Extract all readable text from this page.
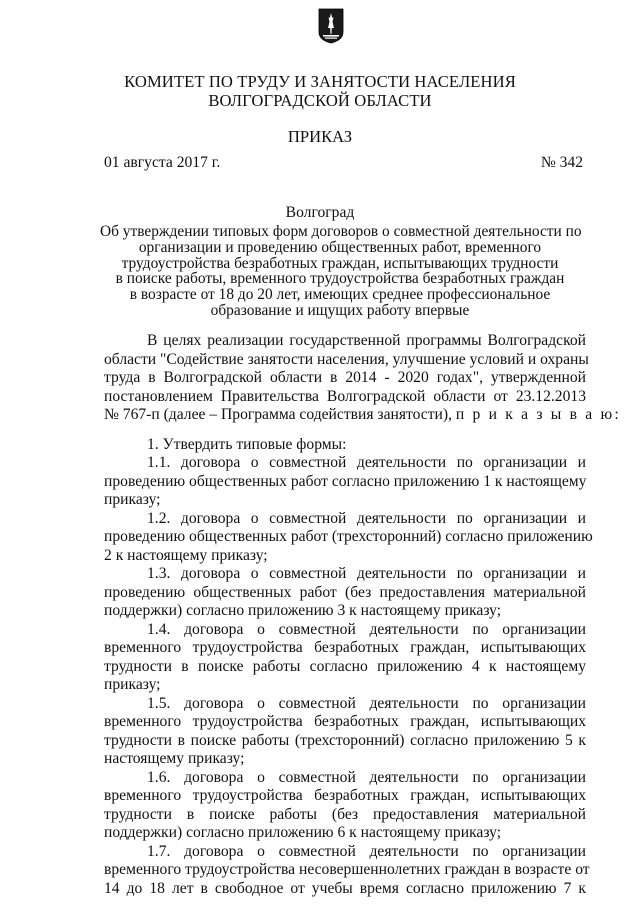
КОМИТЕТ ПО ТРУДУ И ЗАНЯТОСТИ НАСЕЛЕНИЯ
ВОЛГОГРАДСКОЙ ОБЛАСТИ
ПРИКАЗ
01 августа 2017 г.	№ 342
Волгоград
Об утверждении типовых форм договоров о совместной деятельности по
организации и проведению общественных работ, временного
трудоустройства безработных граждан, испытывающих трудности
в поиске работы, временного трудоустройства безработных граждан
в возрасте от 18 до 20 лет, имеющих среднее профессиональное
образование и ищущих работу впервые
В целях реализации государственной программы Волгоградской
области "Содействие занятости населения, улучшение условий и охраны
труда в Волгоградской области в 2014 - 2020 годах", утвержденной
постановлением Правительства Волгоградской области от 23.12.2013
№ 767-п (далее – Программа содействия занятости), п р и к а з ы в а ю:
1. Утвердить типовые формы:
1.1. договора о совместной деятельности по организации и
проведению общественных работ согласно приложению 1 к настоящему
приказу;
1.2. договора о совместной деятельности по организации и
проведению общественных работ (трехсторонний) согласно приложению
2 к настоящему приказу;
1.3. договора о совместной деятельности по организации и
проведению общественных работ (без предоставления материальной
поддержки) согласно приложению 3 к настоящему приказу;
1.4. договора о совместной деятельности по организации
временного трудоустройства безработных граждан, испытывающих
трудности в поиске работы согласно приложению 4 к настоящему
приказу;
1.5. договора о совместной деятельности по организации
временного трудоустройства безработных граждан, испытывающих
трудности в поиске работы (трехсторонний) согласно приложению 5 к
настоящему приказу;
1.6. договора о совместной деятельности по организации
временного трудоустройства безработных граждан, испытывающих
трудности в поиске работы (без предоставления материальной
поддержки) согласно приложению 6 к настоящему приказу;
1.7. договора о совместной деятельности по организации
временного трудоустройства несовершеннолетних граждан в возрасте от
14 до 18 лет в свободное от учебы время согласно приложению 7 к
